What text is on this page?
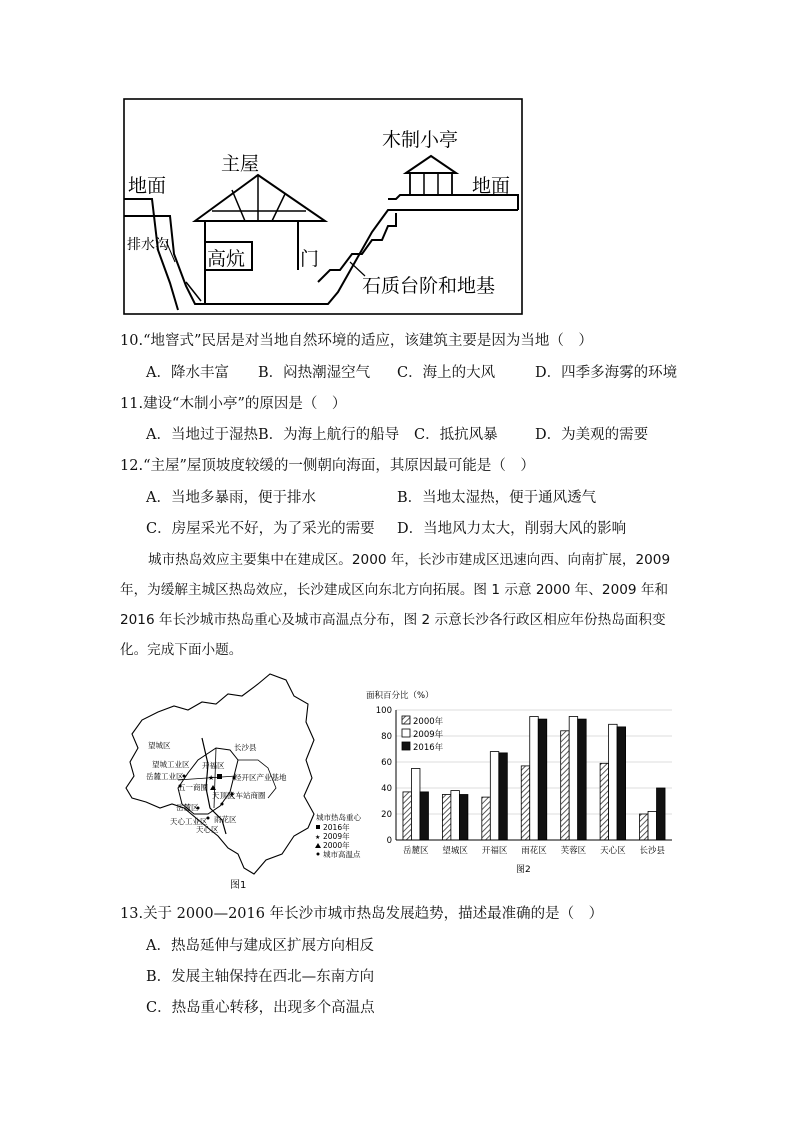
主屋
木制小亭
地面	地面
高炕	门
排水沟
石质台阶和地基
10.“地窨式”民居是对当地自然环境的适应，该建筑主要是因为当地（　）
A．降水丰富 B．闷热潮湿空气 C．海上的大风	D．四季多海雾的环境
11.建设“木制小亭”的原因是（　）
A．当地过于湿热 B．为海上航行的船导 C．抵抗风暴	D．为美观的需要
12.“主屋”屋顶坡度较缓的一侧朝向海面，其原因最可能是（　）
A．当地多暴雨，便于排水	B．当地太湿热，便于通风透气
C．房屋采光不好，为了采光的需要 D．当地风力太大，削弱大风的影响
城市热岛效应主要集中在建成区。2000 年，长沙市建成区迅速向西、向南扩展，2009
年，为缓解主城区热岛效应，长沙建成区向东北方向拓展。图 1 示意 2000 年、2009 年和
2016 年长沙城市热岛重心及城市高温点分布，图 2 示意长沙各行政区相应年份热岛面积变
化。完成下面小题。
★
望城区	长沙县
望城工业区 开福区
岳麓工业区	经开区产业基地
五一商圈
天顶区
火车站商圈
岳麓区
雨花区
天心工业区
天心区
城市热岛重心
2016年
★ 2009年
2000年
城市高温点
图1
面积百分比（%）
0
20
40
60
80
100
岳麓区 望城区 开福区 雨花区 芙蓉区 天心区 长沙县
2000年
2009年
2016年
图2
13.关于 2000—2016 年长沙市城市热岛发展趋势，描述最准确的是（　）
A．热岛延伸与建成区扩展方向相反
B．发展主轴保持在西北—东南方向
C．热岛重心转移，出现多个高温点
